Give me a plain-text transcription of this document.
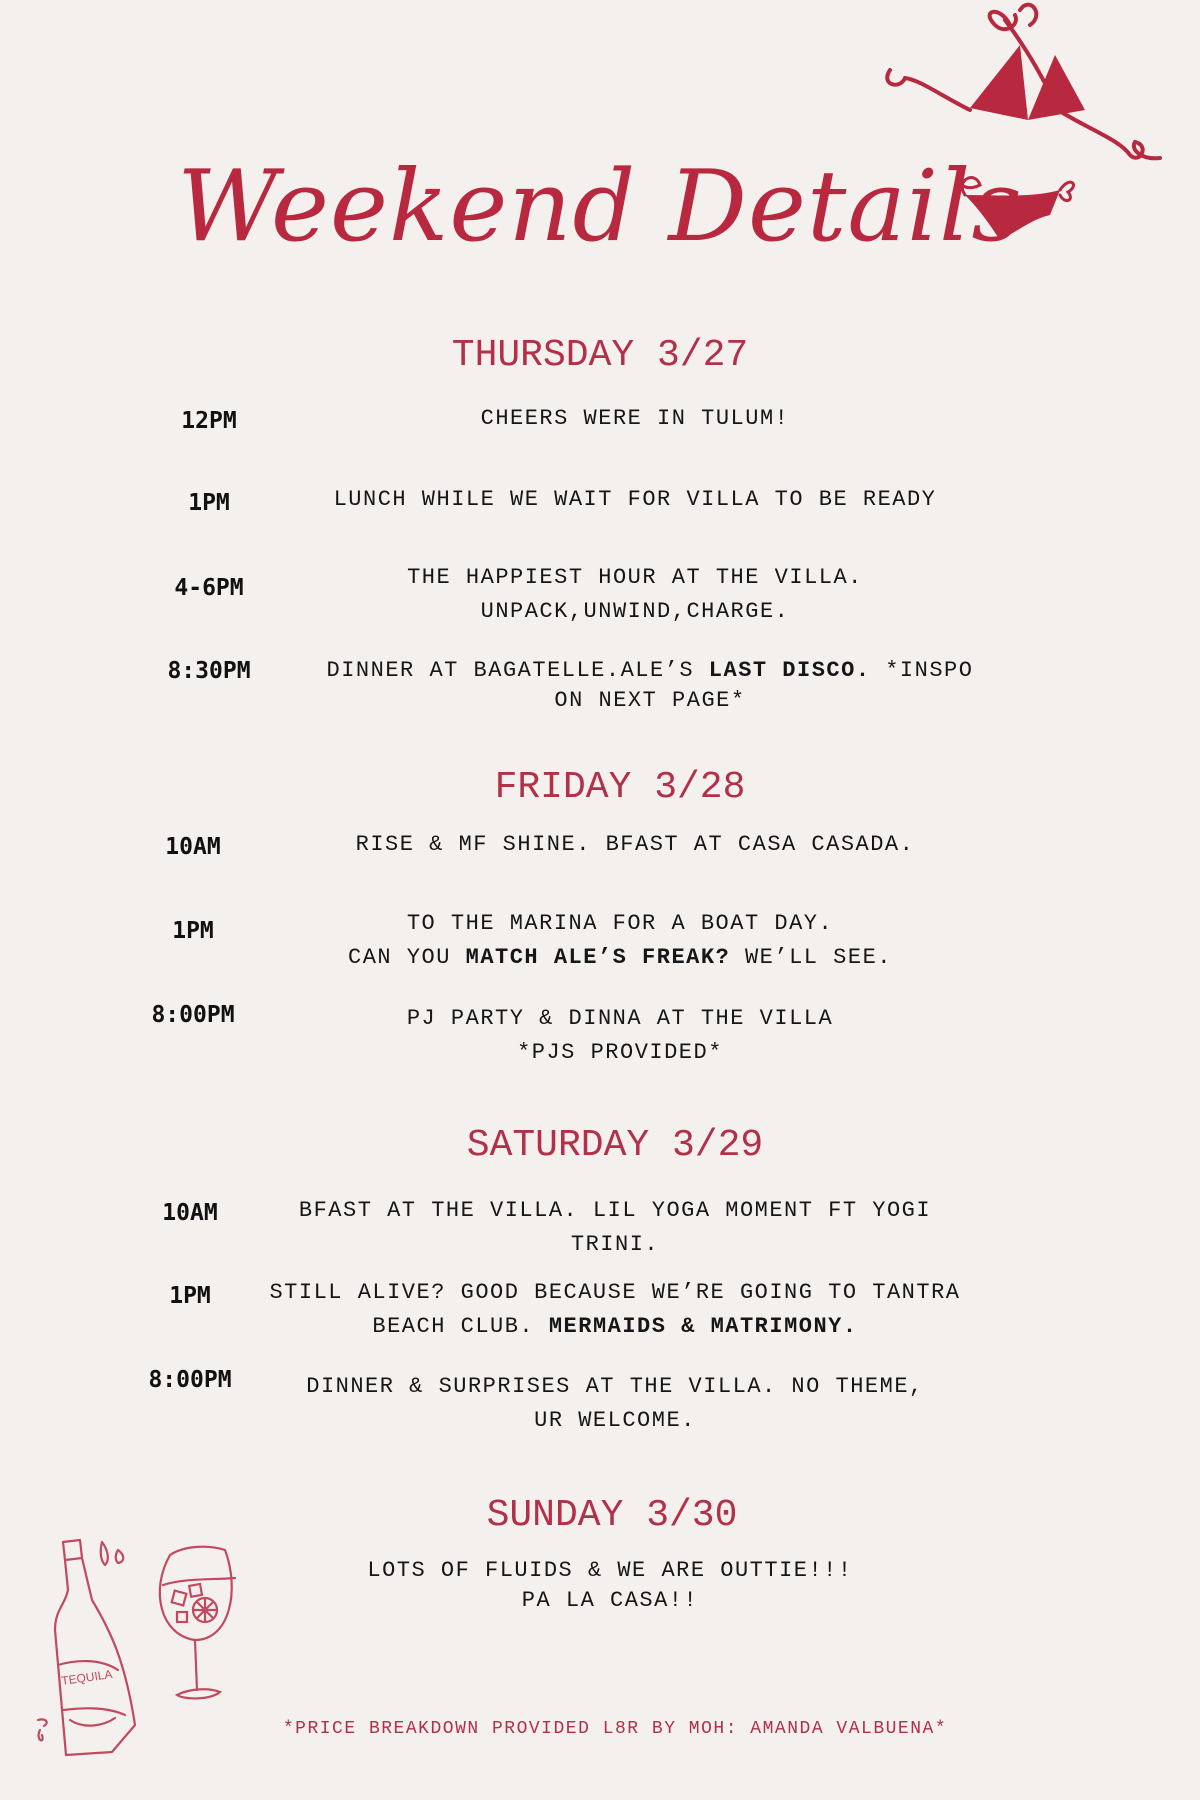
Weekend Details
THURSDAY 3/27
12PM	CHEERS WERE IN TULUM!
1PM	LUNCH WHILE WE WAIT FOR VILLA TO BE READY
4-6PM	THE HAPPIEST HOUR AT THE VILLA.
UNPACK,UNWIND,CHARGE.
8:30PM	DINNER AT BAGATELLE.ALE’S LAST DISCO. *INSPO
ON NEXT PAGE*
FRIDAY 3/28
10AM	RISE & MF SHINE. BFAST AT CASA CASADA.
1PM	TO THE MARINA FOR A BOAT DAY.
CAN YOU MATCH ALE’S FREAK? WE’LL SEE.
8:00PM	PJ PARTY & DINNA AT THE VILLA
*PJS PROVIDED*
SATURDAY 3/29
10AM	BFAST AT THE VILLA. LIL YOGA MOMENT FT YOGI
TRINI.
1PM	STILL ALIVE? GOOD BECAUSE WE’RE GOING TO TANTRA
BEACH CLUB. MERMAIDS & MATRIMONY.
8:00PM	DINNER & SURPRISES AT THE VILLA. NO THEME,
UR WELCOME.
SUNDAY 3/30
LOTS OF FLUIDS & WE ARE OUTTIE!!!
PA LA CASA!!
TEQUILA
*PRICE BREAKDOWN PROVIDED L8R BY MOH: AMANDA VALBUENA*
